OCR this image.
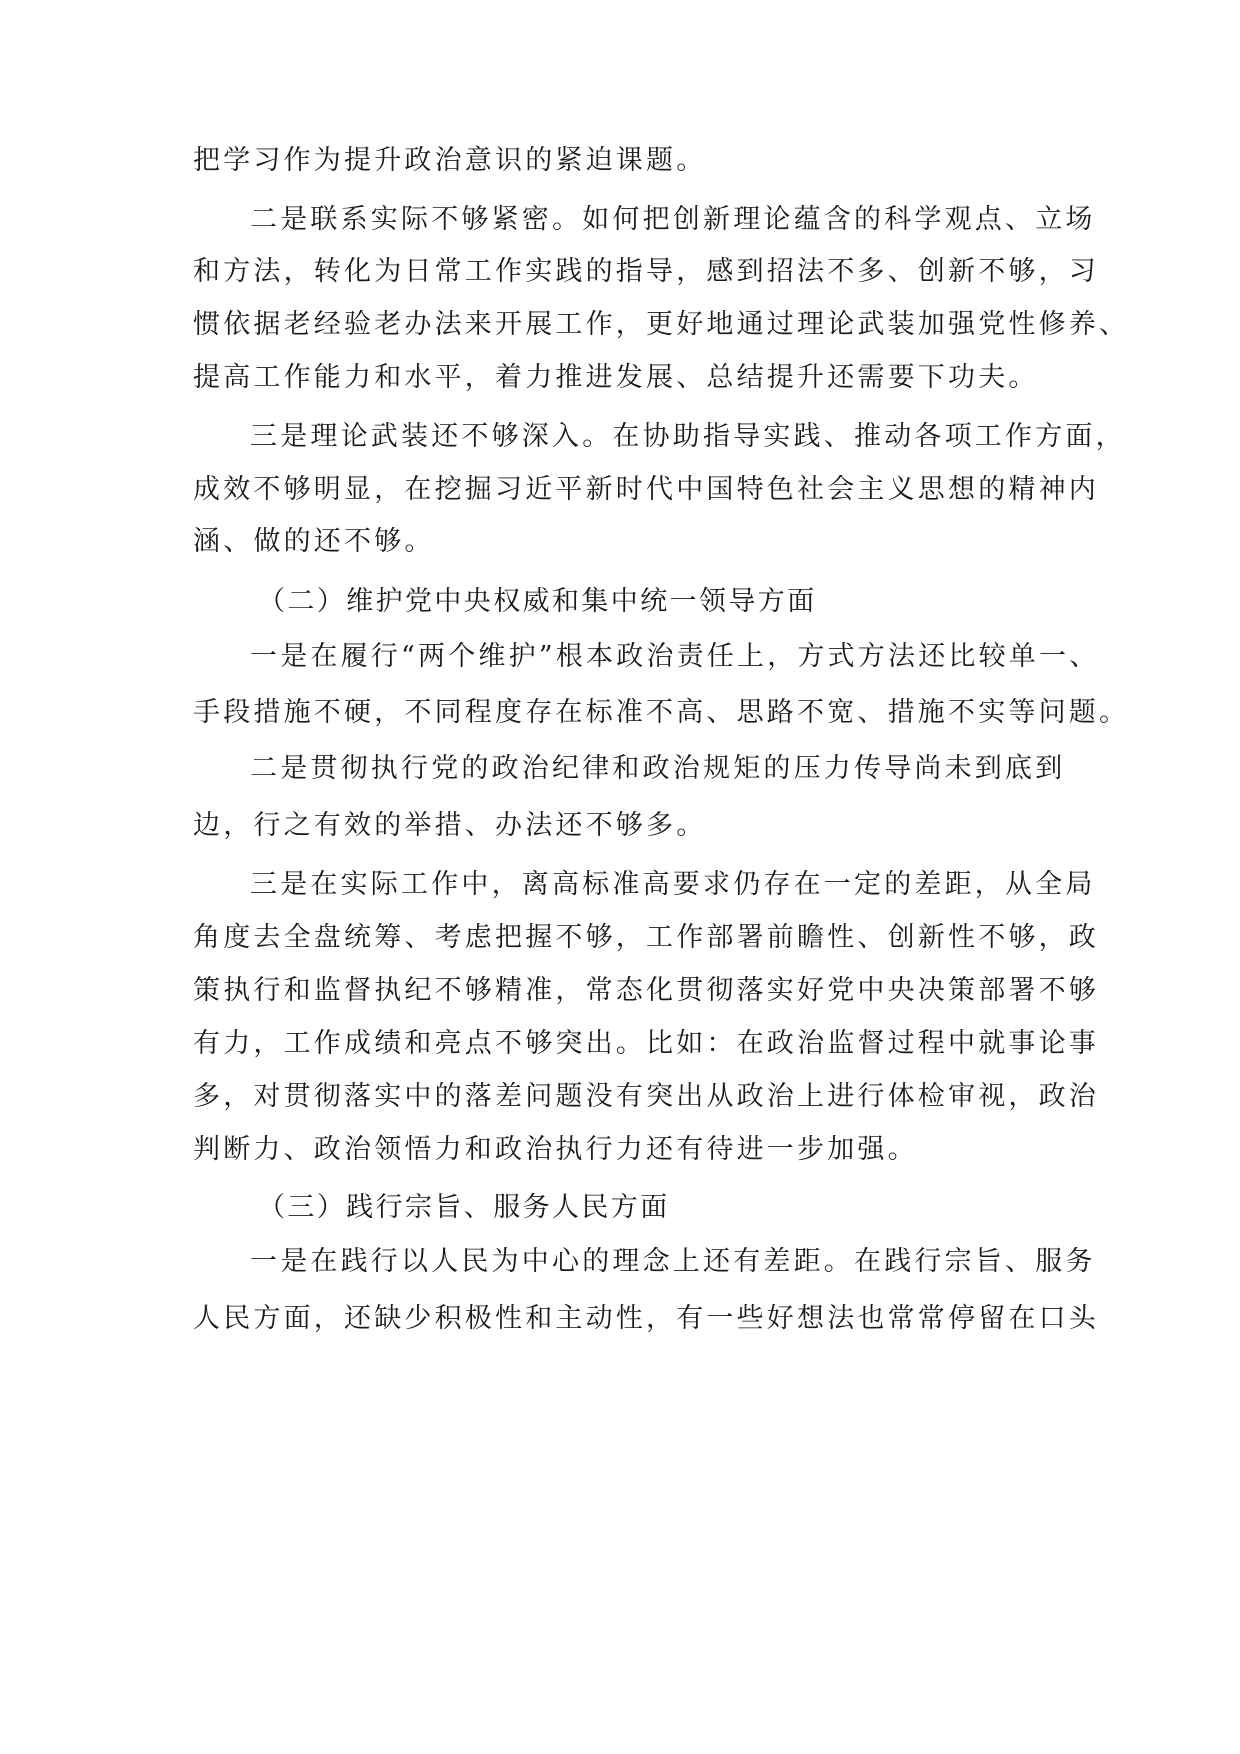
把学习作为提升政治意识的紧迫课题。
二是联系实际不够紧密。如何把创新理论蕴含的科学观点、立场
和方法，转化为日常工作实践的指导，感到招法不多、创新不够，习
惯依据老经验老办法来开展工作，更好地通过理论武装加强党性修养、
提高工作能力和水平，着力推进发展、总结提升还需要下功夫。
三是理论武装还不够深入。在协助指导实践、推动各项工作方面，
成效不够明显，在挖掘习近平新时代中国特色社会主义思想的精神内
涵、做的还不够。
（二）维护党中央权威和集中统一领导方面
一是在履行“两个维护”根本政治责任上，方式方法还比较单一、
手段措施不硬，不同程度存在标准不高、思路不宽、措施不实等问题。
二是贯彻执行党的政治纪律和政治规矩的压力传导尚未到底到
边，行之有效的举措、办法还不够多。
三是在实际工作中，离高标准高要求仍存在一定的差距，从全局
角度去全盘统筹、考虑把握不够，工作部署前瞻性、创新性不够，政
策执行和监督执纪不够精准，常态化贯彻落实好党中央决策部署不够
有力，工作成绩和亮点不够突出。比如：在政治监督过程中就事论事
多，对贯彻落实中的落差问题没有突出从政治上进行体检审视，政治
判断力、政治领悟力和政治执行力还有待进一步加强。
（三）践行宗旨、服务人民方面
一是在践行以人民为中心的理念上还有差距。在践行宗旨、服务
人民方面，还缺少积极性和主动性，有一些好想法也常常停留在口头
